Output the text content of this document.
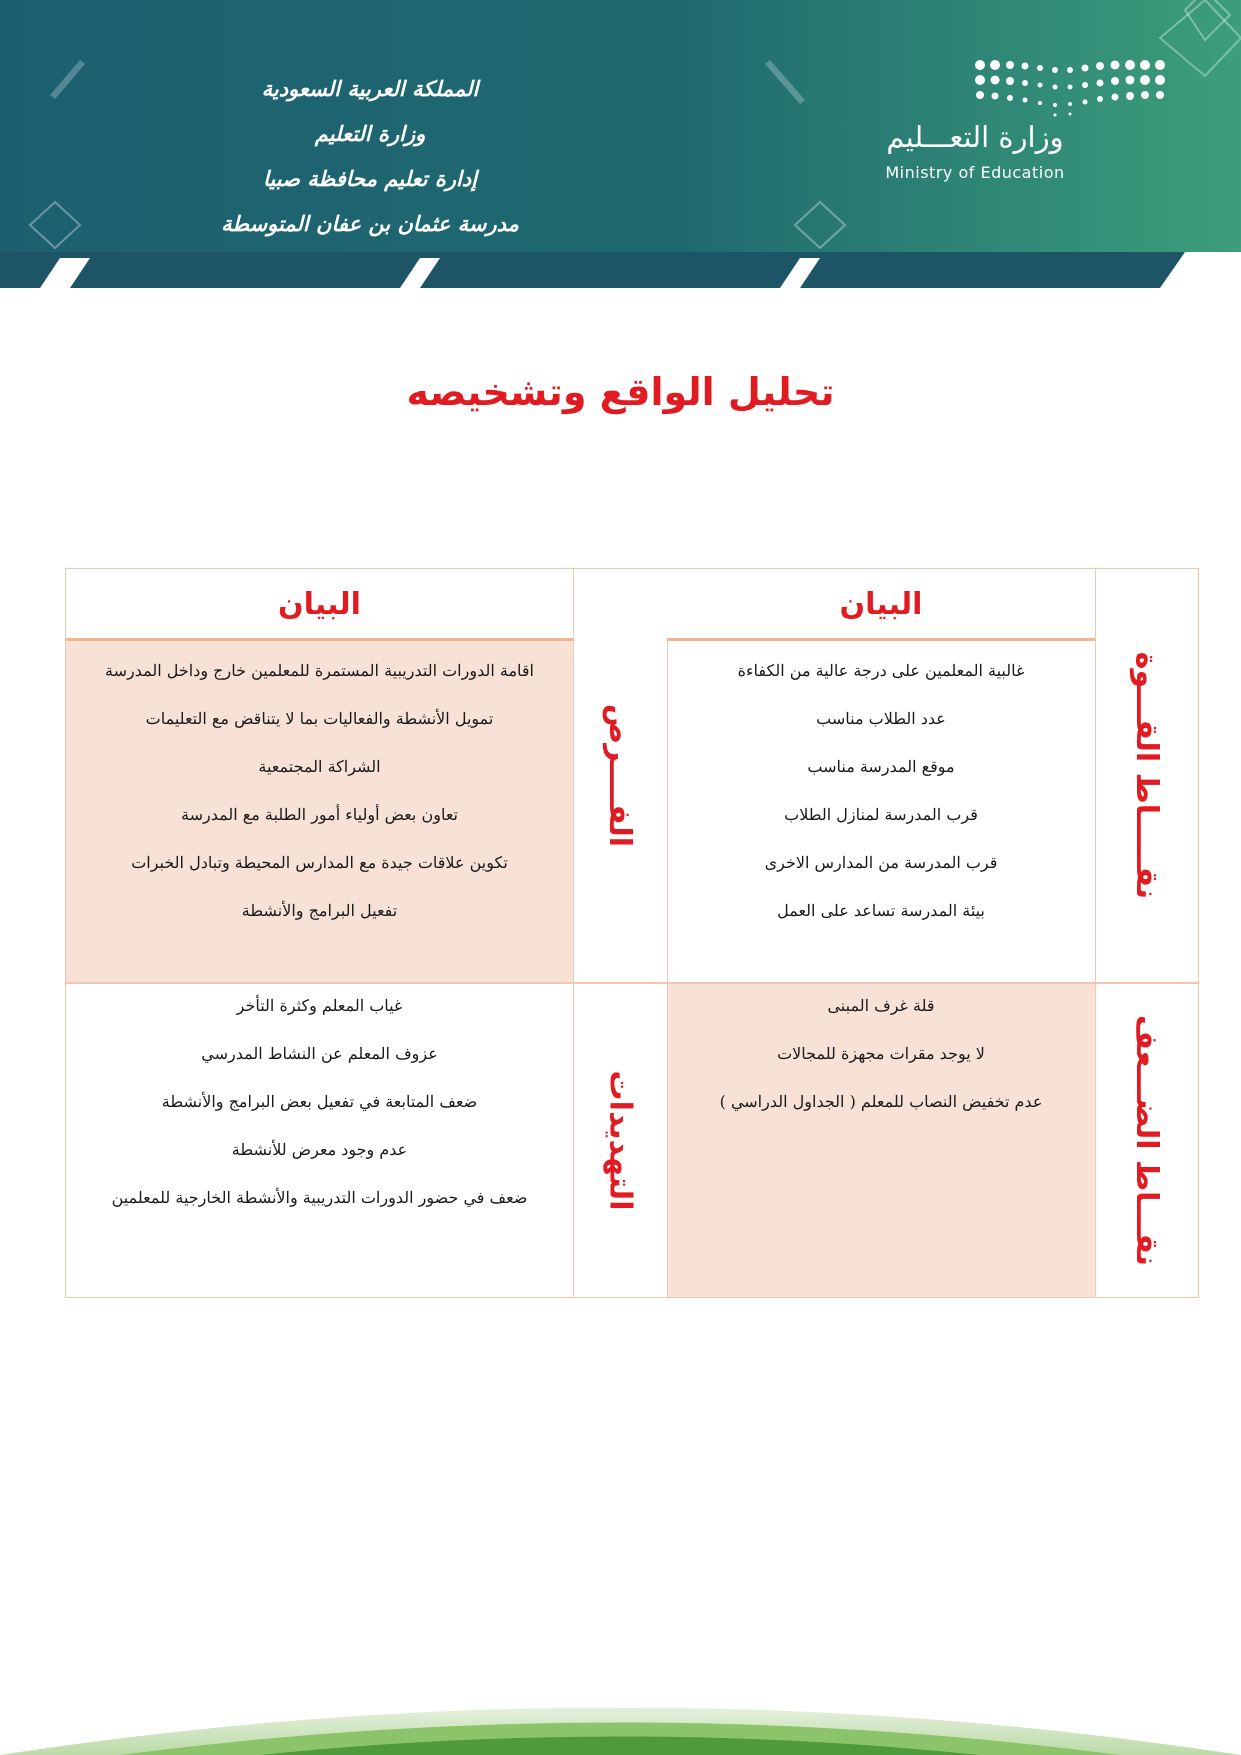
المملكة العربية السعودية
وزارة التعليم
إدارة تعليم محافظة صبيا
مدرسة عثمان بن عفان المتوسطة
وزارة التعـــليم
Ministry of Education
تحليل الواقع وتشخيصه
البيان
البيان
غالبية المعلمين على درجة عالية من الكفاءة
عدد الطلاب مناسب
موقع المدرسة مناسب
قرب المدرسة لمنازل الطلاب
قرب المدرسة من المدارس الاخرى
بيئة المدرسة تساعد على العمل
اقامة الدورات التدريبية المستمرة للمعلمين خارج وداخل المدرسة
تمويل الأنشطة والفعاليات بما لا يتناقض مع التعليمات
الشراكة المجتمعية
تعاون بعض أولياء أمور الطلبة مع المدرسة
تكوين علاقات جيدة مع المدارس المحيطة وتبادل الخبرات
تفعيل البرامج والأنشطة
قلة غرف المبنى
لا يوجد مقرات مجهزة للمجالات
عدم تخفيض النصاب للمعلم ( الجداول الدراسي )
غياب المعلم وكثرة التأخر
عزوف المعلم عن النشاط المدرسي
ضعف المتابعة في تفعيل بعض البرامج والأنشطة
عدم وجود معرض للأنشطة
ضعف في حضور الدورات التدريبية والأنشطة الخارجية للمعلمين
نقـــــاط القـــوة
الفــــرص
نقـــاط الضـــعف
التهديدات
